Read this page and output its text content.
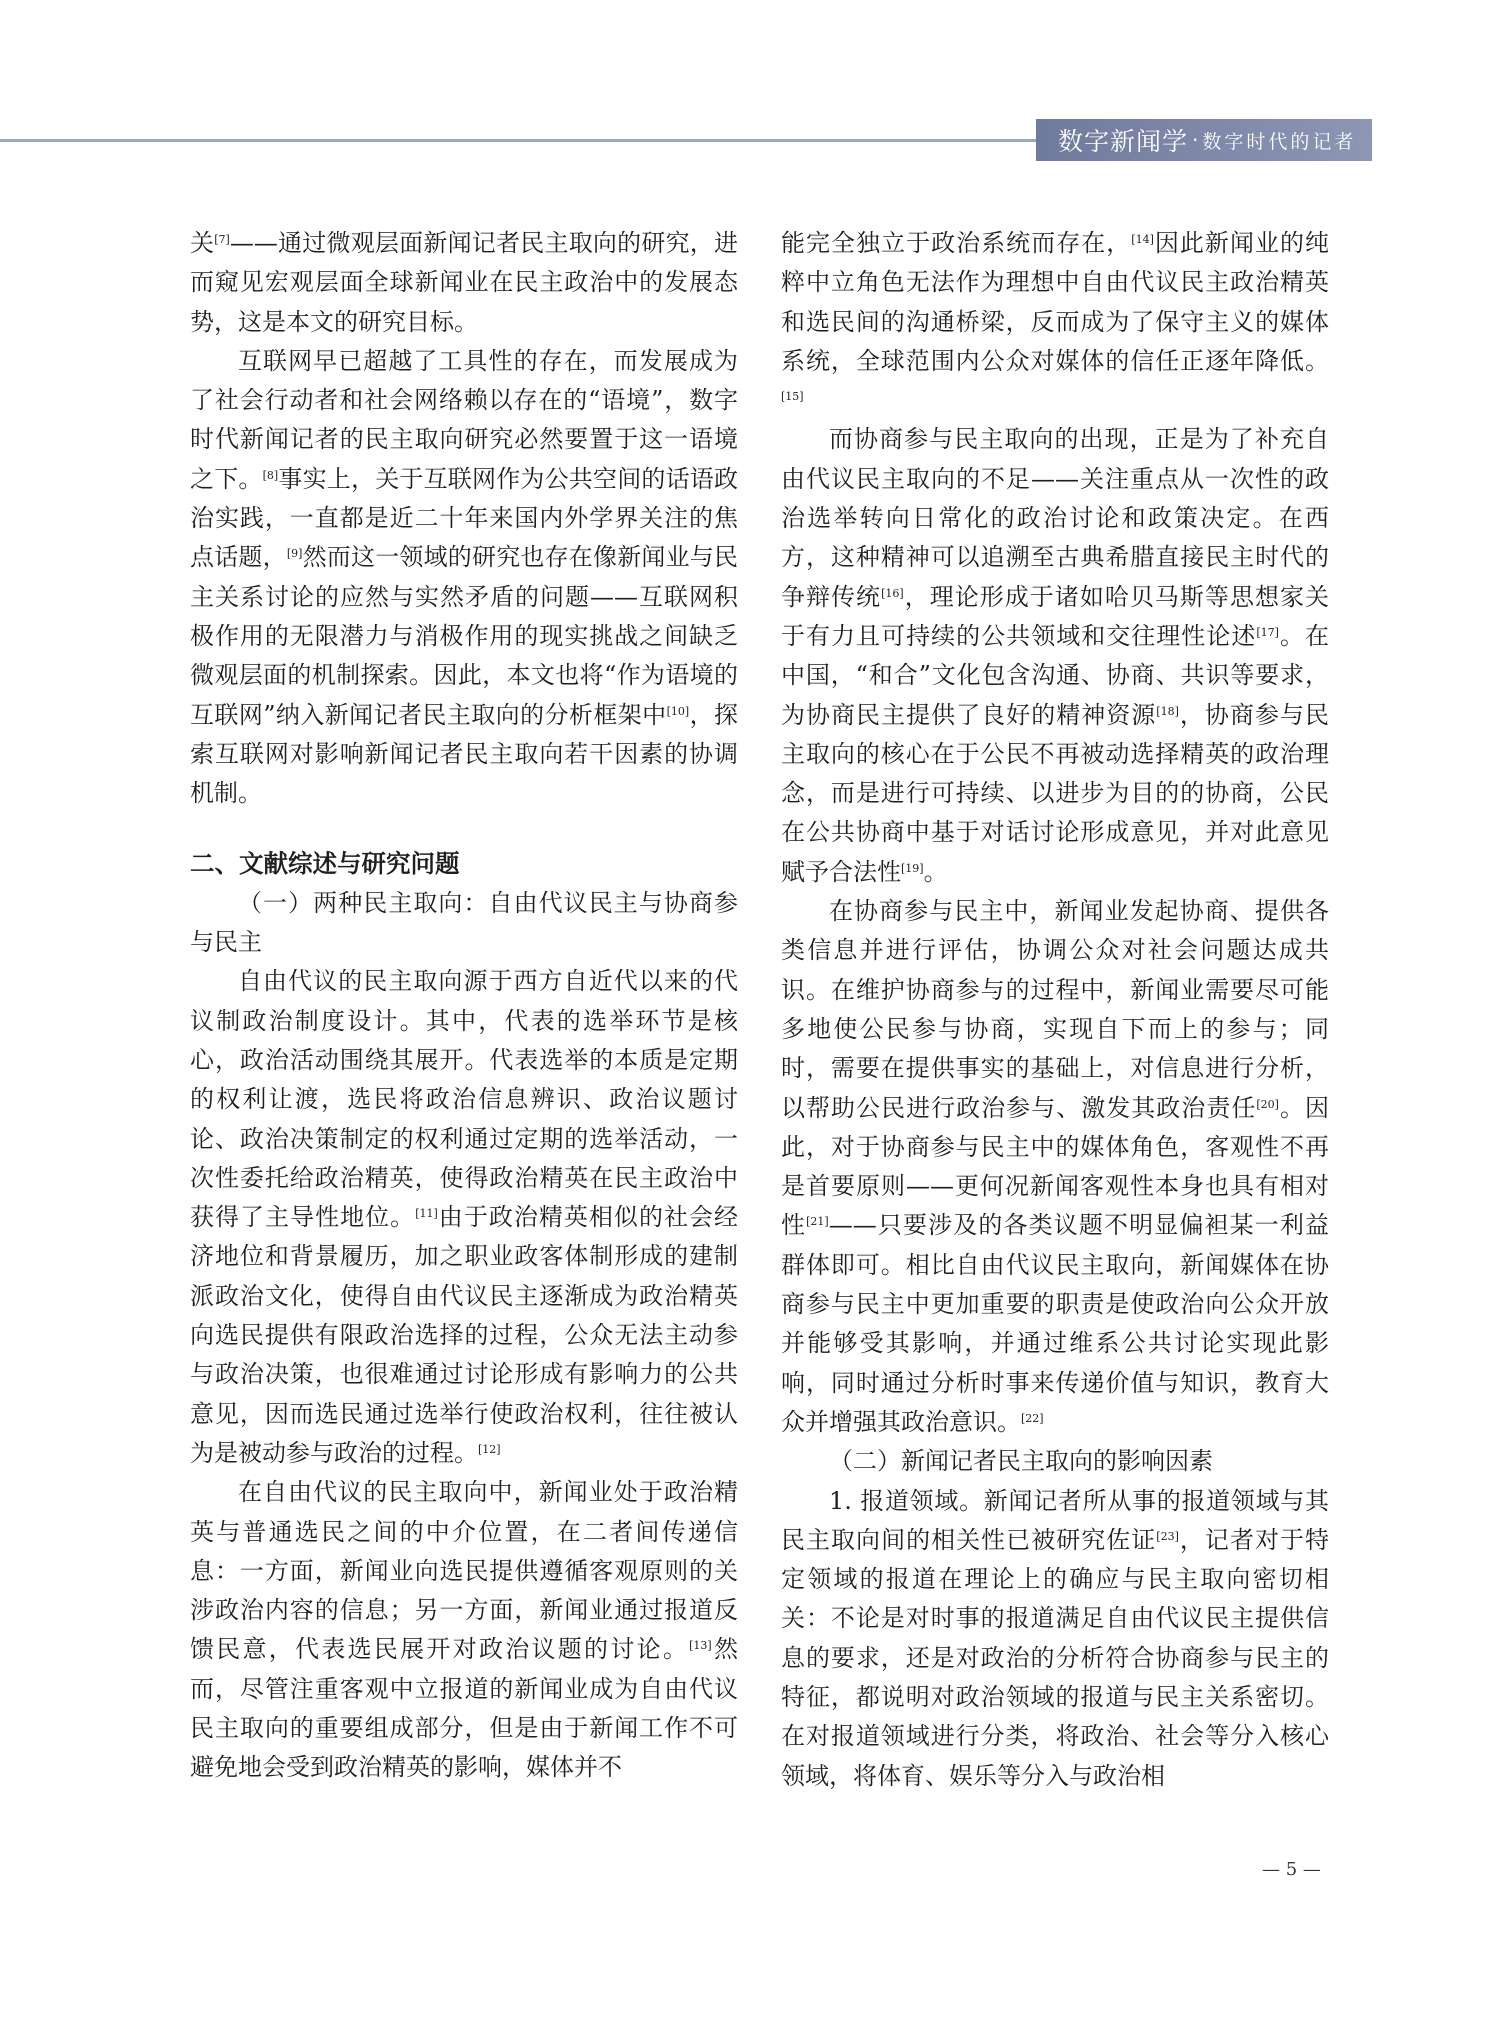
数字新闻学 · 数字时代的记者

关[7]——通过微观层面新闻记者民主取向的研究，进而窥见宏观层面全球新闻业在民主政治中的发展态势，这是本文的研究目标。

互联网早已超越了工具性的存在，而发展成为了社会行动者和社会网络赖以存在的“语境”，数字时代新闻记者的民主取向研究必然要置于这一语境之下。[8]事实上，关于互联网作为公共空间的话语政治实践，一直都是近二十年来国内外学界关注的焦点话题，[9]然而这一领域的研究也存在像新闻业与民主关系讨论的应然与实然矛盾的问题——互联网积极作用的无限潜力与消极作用的现实挑战之间缺乏微观层面的机制探索。因此，本文也将“作为语境的互联网”纳入新闻记者民主取向的分析框架中[10]，探索互联网对影响新闻记者民主取向若干因素的协调机制。

二、文献综述与研究问题

（一）两种民主取向：自由代议民主与协商参与民主

自由代议的民主取向源于西方自近代以来的代议制政治制度设计。其中，代表的选举环节是核心，政治活动围绕其展开。代表选举的本质是定期的权利让渡，选民将政治信息辨识、政治议题讨论、政治决策制定的权利通过定期的选举活动，一次性委托给政治精英，使得政治精英在民主政治中获得了主导性地位。[11]由于政治精英相似的社会经济地位和背景履历，加之职业政客体制形成的建制派政治文化，使得自由代议民主逐渐成为政治精英向选民提供有限政治选择的过程，公众无法主动参与政治决策，也很难通过讨论形成有影响力的公共意见，因而选民通过选举行使政治权利，往往被认为是被动参与政治的过程。[12]

在自由代议的民主取向中，新闻业处于政治精英与普通选民之间的中介位置，在二者间传递信息：一方面，新闻业向选民提供遵循客观原则的关涉政治内容的信息；另一方面，新闻业通过报道反馈民意，代表选民展开对政治议题的讨论。[13]然而，尽管注重客观中立报道的新闻业成为自由代议民主取向的重要组成部分，但是由于新闻工作不可避免地会受到政治精英的影响，媒体并不

能完全独立于政治系统而存在，[14]因此新闻业的纯粹中立角色无法作为理想中自由代议民主政治精英和选民间的沟通桥梁，反而成为了保守主义的媒体系统，全球范围内公众对媒体的信任正逐年降低。[15]

而协商参与民主取向的出现，正是为了补充自由代议民主取向的不足——关注重点从一次性的政治选举转向日常化的政治讨论和政策决定。在西方，这种精神可以追溯至古典希腊直接民主时代的争辩传统[16]，理论形成于诸如哈贝马斯等思想家关于有力且可持续的公共领域和交往理性论述[17]。在中国，“和合”文化包含沟通、协商、共识等要求，为协商民主提供了良好的精神资源[18]，协商参与民主取向的核心在于公民不再被动选择精英的政治理念，而是进行可持续、以进步为目的的协商，公民在公共协商中基于对话讨论形成意见，并对此意见赋予合法性[19]。

在协商参与民主中，新闻业发起协商、提供各类信息并进行评估，协调公众对社会问题达成共识。在维护协商参与的过程中，新闻业需要尽可能多地使公民参与协商，实现自下而上的参与；同时，需要在提供事实的基础上，对信息进行分析，以帮助公民进行政治参与、激发其政治责任[20]。因此，对于协商参与民主中的媒体角色，客观性不再是首要原则——更何况新闻客观性本身也具有相对性[21]——只要涉及的各类议题不明显偏袒某一利益群体即可。相比自由代议民主取向，新闻媒体在协商参与民主中更加重要的职责是使政治向公众开放并能够受其影响，并通过维系公共讨论实现此影响，同时通过分析时事来传递价值与知识，教育大众并增强其政治意识。[22]

（二）新闻记者民主取向的影响因素

1. 报道领域。新闻记者所从事的报道领域与其民主取向间的相关性已被研究佐证[23]，记者对于特定领域的报道在理论上的确应与民主取向密切相关：不论是对时事的报道满足自由代议民主提供信息的要求，还是对政治的分析符合协商参与民主的特征，都说明对政治领域的报道与民主关系密切。在对报道领域进行分类，将政治、社会等分入核心领域，将体育、娱乐等分入与政治相

— 5 —
